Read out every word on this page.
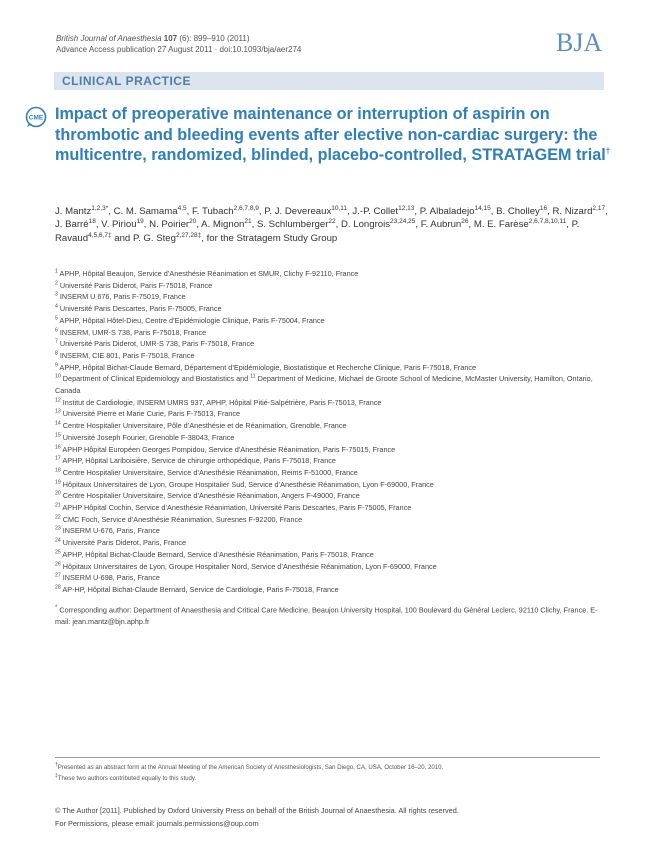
British Journal of Anaesthesia 107 (6): 899–910 (2011)
Advance Access publication 27 August 2011 · doi:10.1093/bja/aer274	BJA
CLINICAL PRACTICE
CME Impact of preoperative maintenance or interruption of aspirin on thrombotic and bleeding events after elective non-cardiac surgery: the multicentre, randomized, blinded, placebo-controlled, STRATAGEM trial†
J. Mantz$^{1,2,3*}$, C. M. Samama$^{4,5}$, F. Tubach$^{2,6,7,8,9}$, P. J. Devereaux$^{10,11}$, J.-P. Collet$^{12,13}$, P. Albaladejo$^{14,15}$, B. Cholley$^{16}$, R. Nizard$^{2,17}$, J. Barré$^{18}$, V. Piriou$^{19}$, N. Poirier$^{20}$, A. Mignon$^{21}$, S. Schlumberger$^{22}$, D. Longrois$^{23,24,25}$, F. Aubrun$^{26}$, M. E. Farèse$^{2,6,7,8,10,11}$, P. Ravaud$^{4,5,6,7\ddagger}$ and P. G. Steg$^{2,27,28\ddagger}$, for the Stratagem Study Group
$^1$ APHP, Hôpital Beaujon, Service d’Anesthésie Réanimation et SMUR, Clichy F-92110, France
$^2$ Université Paris Diderot, Paris F-75018, France
$^3$ INSERM U 676, Paris F-75019, France
$^4$ Université Paris Descartes, Paris F-75005, France
$^5$ APHP, Hôpital Hôtel-Dieu, Centre d’Epidémiologie Clinique, Paris F-75004, France
$^6$ INSERM, UMR-S 738, Paris F-75018, France
$^7$ Université Paris Diderot, UMR-S 738, Paris F-75018, France
$^8$ INSERM, CIE 801, Paris F-75018, France
$^9$ APHP, Hôpital Bichat-Claude Bernard, Département d’Epidémiologie, Biostatistique et Recherche Clinique, Paris F-75018, France
$^{10}$ Department of Clinical Epidemiology and Biostatistics and $^{11}$ Department of Medicine, Michael de Groote School of Medicine, McMaster University, Hamilton, Ontario, Canada
$^{12}$ Institut de Cardiologie, INSERM UMRS 937, APHP, Hôpital Pitié-Salpétrière, Paris F-75013, France
$^{13}$ Université Pierre et Marie Curie, Paris F-75013, France
$^{14}$ Centre Hospitalier Universitaire, Pôle d’Anesthésie et de Réanimation, Grenoble, France
$^{15}$ Université Joseph Fourier, Grenoble F-38043, France
$^{16}$ APHP Hôpital Européen Georges Pompidou, Service d’Anesthésie Réanimation, Paris F-75015, France
$^{17}$ APHP, Hôpital Lariboisière, Service de chirurgie orthopédique, Paris F-75018, France
$^{18}$ Centre Hospitalier Universitaire, Service d’Anesthésie Réanimation, Reims F-51000, France
$^{19}$ Hôpitaux Universitaires de Lyon, Groupe Hospitalier Sud, Service d’Anesthésie Réanimation, Lyon F-69000, France
$^{20}$ Centre Hospitalier Universitaire, Service d’Anesthésie Réanimation, Angers F-49000, France
$^{21}$ APHP Hôpital Cochin, Service d’Anesthésie Réanimation, Université Paris Descartes, Paris F-75005, France
$^{22}$ CMC Foch, Service d’Anesthésie Réanimation, Suresnes F-92200, France
$^{23}$ INSERM U-676, Paris, France
$^{24}$ Université Paris Diderot, Paris, France
$^{25}$ APHP, Hôpital Bichat-Claude Bernard, Service d’Anesthésie Réanimation, Paris F-75018, France
$^{26}$ Hôpitaux Universitaires de Lyon, Groupe Hospitalier Nord, Service d’Anesthésie Réanimation, Lyon F-69000, France
$^{27}$ INSERM U-698, Paris, France
$^{28}$ AP-HP, Hôpital Bichat-Claude Bernard, Service de Cardiologie, Paris F-75018, France
* Corresponding author: Department of Anaesthesia and Critical Care Medicine, Beaujon University Hospital, 100 Boulevard du Général Leclerc, 92110 Clichy, France. E-mail: jean.mantz@bjn.aphp.fr
†Presented as an abstract form at the Annual Meeting of the American Society of Anesthesiologists, San Diego, CA, USA, October 16–20, 2010.
‡These two authors contributed equally to this study.
© The Author [2011]. Published by Oxford University Press on behalf of the British Journal of Anaesthesia. All rights reserved.
For Permissions, please email: journals.permissions@oup.com
